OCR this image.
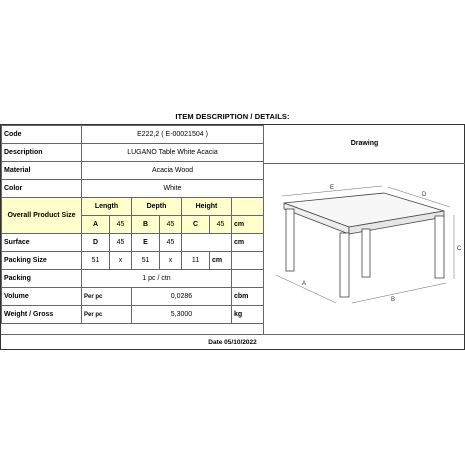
ITEM DESCRIPTION / DETAILS:
Code	E222,2 ( E-00021504 )						
Description	LUGANO Table White Acacia						
Material	Acacia Wood						
Color	White						
Overall Product Size	Length		Depth		Height		
	A	45	B	45	C	45	cm
Surface	D	45	E	45			cm
Packing Size	51	x	51	x	11	cm	
Packing	1 pc / ctn						
Volume	Per pc		0,0286				cbm
Weight / Gross	Per pc		5,3000				kg
Drawing
E
D
C
A
B
Date 05/10/2022
